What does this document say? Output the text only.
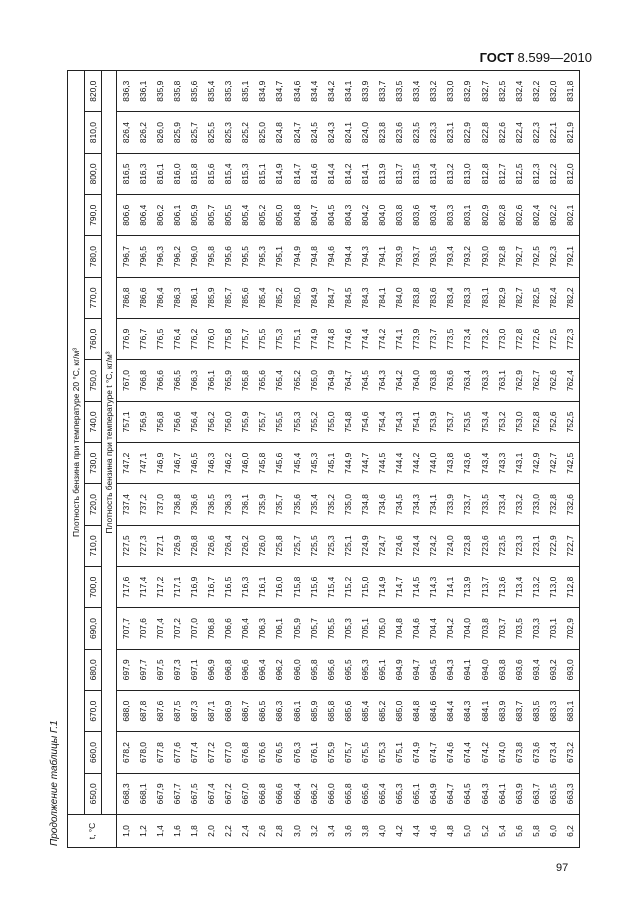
ГОСТ 8.599—2010
Продолжение таблицы Г.1	t, °C	Плотность бензина при температуре 20 °С, кг/м³																	
	650,0	660,0	670,0	680,0	690,0	700,0	710,0	720,0	730,0	740,0	750,0	760,0	770,0	780,0	790,0	800,0	810,0	820,0
	Плотность бензина при температуре t °С, кг/м³																	
1,0	668,3	678,2	688,0	697,9	707,7	717,6	727,5	737,4	747,2	757,1	767,0	776,9	786,8	796,7	806,6	816,5	826,4	836,3
1,2	668,1	678,0	687,8	697,7	707,6	717,4	727,3	737,2	747,1	756,9	766,8	776,7	786,6	796,5	806,4	816,3	826,2	836,1
1,4	667,9	677,8	687,6	697,5	707,4	717,2	727,1	737,0	746,9	756,8	766,6	776,5	786,4	796,3	806,2	816,1	826,0	835,9
1,6	667,7	677,6	687,5	697,3	707,2	717,1	726,9	736,8	746,7	756,6	766,5	776,4	786,3	796,2	806,1	816,0	825,9	835,8
1,8	667,5	677,4	687,3	697,1	707,0	716,9	726,8	736,6	746,5	756,4	766,3	776,2	786,1	796,0	805,9	815,8	825,7	835,6
2,0	667,4	677,2	687,1	696,9	706,8	716,7	726,6	736,5	746,3	756,2	766,1	776,0	785,9	795,8	805,7	815,6	825,5	835,4
2,2	667,2	677,0	686,9	696,8	706,6	716,5	726,4	736,3	746,2	756,0	765,9	775,8	785,7	795,6	805,5	815,4	825,3	835,3
2,4	667,0	676,8	686,7	696,6	706,4	716,3	726,2	736,1	746,0	755,9	765,8	775,7	785,6	795,5	805,4	815,3	825,2	835,1
2,6	666,8	676,6	686,5	696,4	706,3	716,1	726,0	735,9	745,8	755,7	765,6	775,5	785,4	795,3	805,2	815,1	825,0	834,9
2,8	666,6	676,5	686,3	696,2	706,1	716,0	725,8	735,7	745,6	755,5	765,4	775,3	785,2	795,1	805,0	814,9	824,8	834,7
3,0	666,4	676,3	686,1	696,0	705,9	715,8	725,7	735,6	745,4	755,3	765,2	775,1	785,0	794,9	804,8	814,7	824,7	834,6
3,2	666,2	676,1	685,9	695,8	705,7	715,6	725,5	735,4	745,3	755,2	765,0	774,9	784,9	794,8	804,7	814,6	824,5	834,4
3,4	666,0	675,9	685,8	695,6	705,5	715,4	725,3	735,2	745,1	755,0	764,9	774,8	784,7	794,6	804,5	814,4	824,3	834,2
3,6	665,8	675,7	685,6	695,5	705,3	715,2	725,1	735,0	744,9	754,8	764,7	774,6	784,5	794,4	804,3	814,2	824,1	834,1
3,8	665,6	675,5	685,4	695,3	705,1	715,0	724,9	734,8	744,7	754,6	764,5	774,4	784,3	794,3	804,2	814,1	824,0	833,9
4,0	665,4	675,3	685,2	695,1	705,0	714,9	724,7	734,6	744,5	754,4	764,3	774,2	784,1	794,1	804,0	813,9	823,8	833,7
4,2	665,3	675,1	685,0	694,9	704,8	714,7	724,6	734,5	744,4	754,3	764,2	774,1	784,0	793,9	803,8	813,7	823,6	833,5
4,4	665,1	674,9	684,8	694,7	704,6	714,5	724,4	734,3	744,2	754,1	764,0	773,9	783,8	793,7	803,6	813,5	823,5	833,4
4,6	664,9	674,7	684,6	694,5	704,4	714,3	724,2	734,1	744,0	753,9	763,8	773,7	783,6	793,5	803,4	813,4	823,3	833,2
4,8	664,7	674,6	684,4	694,3	704,2	714,1	724,0	733,9	743,8	753,7	763,6	773,5	783,4	793,4	803,3	813,2	823,1	833,0
5,0	664,5	674,4	684,3	694,1	704,0	713,9	723,8	733,7	743,6	753,5	763,4	773,4	783,3	793,2	803,1	813,0	822,9	832,9
5,2	664,3	674,2	684,1	694,0	703,8	713,7	723,6	733,5	743,4	753,4	763,3	773,2	783,1	793,0	802,9	812,8	822,8	832,7
5,4	664,1	674,0	683,9	693,8	703,7	713,6	723,5	733,4	743,3	753,2	763,1	773,0	782,9	792,8	802,8	812,7	822,6	832,5
5,6	663,9	673,8	683,7	693,6	703,5	713,4	723,3	733,2	743,1	753,0	762,9	772,8	782,7	792,7	802,6	812,5	822,4	832,4
5,8	663,7	673,6	683,5	693,4	703,3	713,2	723,1	733,0	742,9	752,8	762,7	772,6	782,5	792,5	802,4	812,3	822,3	832,2
6,0	663,5	673,4	683,3	693,2	703,1	713,0	722,9	732,8	742,7	752,6	762,6	772,5	782,4	792,3	802,2	812,2	822,1	832,0
6,2	663,3	673,2	683,1	693,0	702,9	712,8	722,7	732,6	742,5	752,5	762,4	772,3	782,2	792,1	802,1	812,0	821,9	831,8
97
